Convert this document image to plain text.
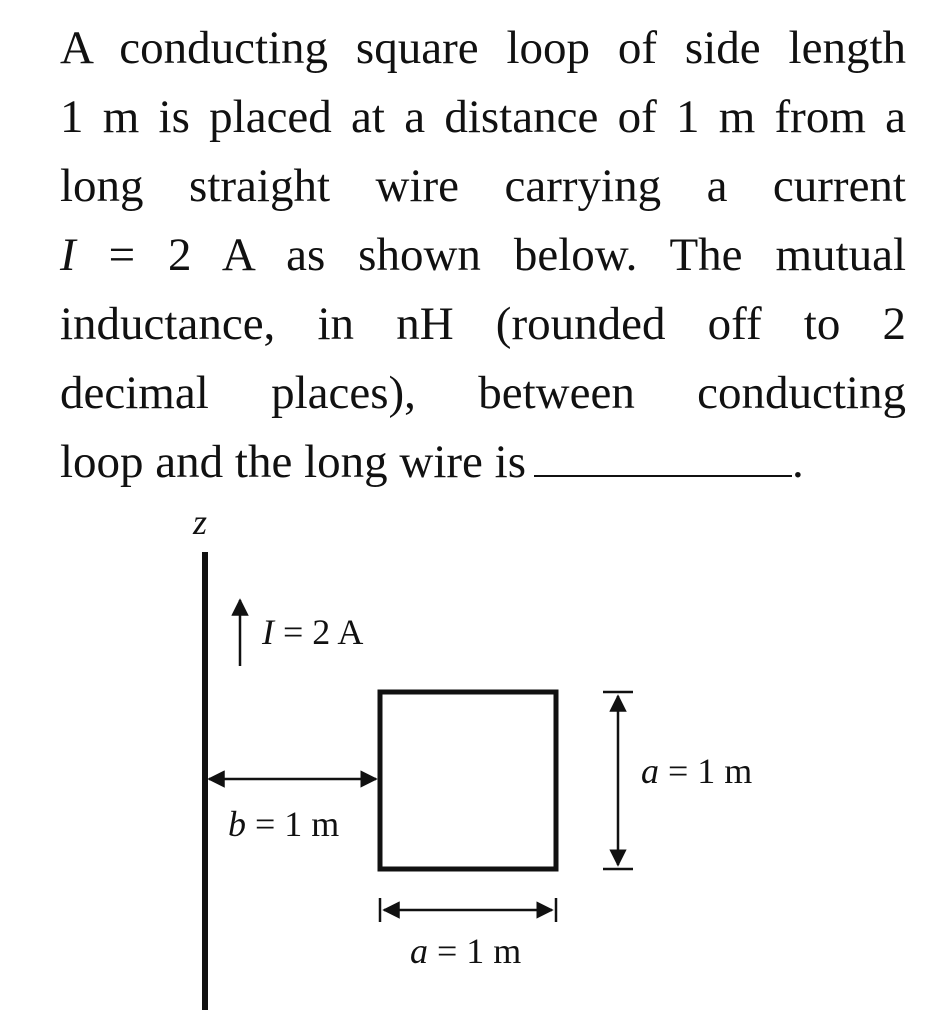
A conducting square loop of side length
1 m is placed at a distance of 1 m from a
long straight wire carrying a current
I = 2 A as shown below. The mutual
inductance, in nH (rounded off to 2
decimal places), between conducting
loop and the long wire is	.
z
I = 2 A
b = 1 m
a = 1 m
a = 1 m
